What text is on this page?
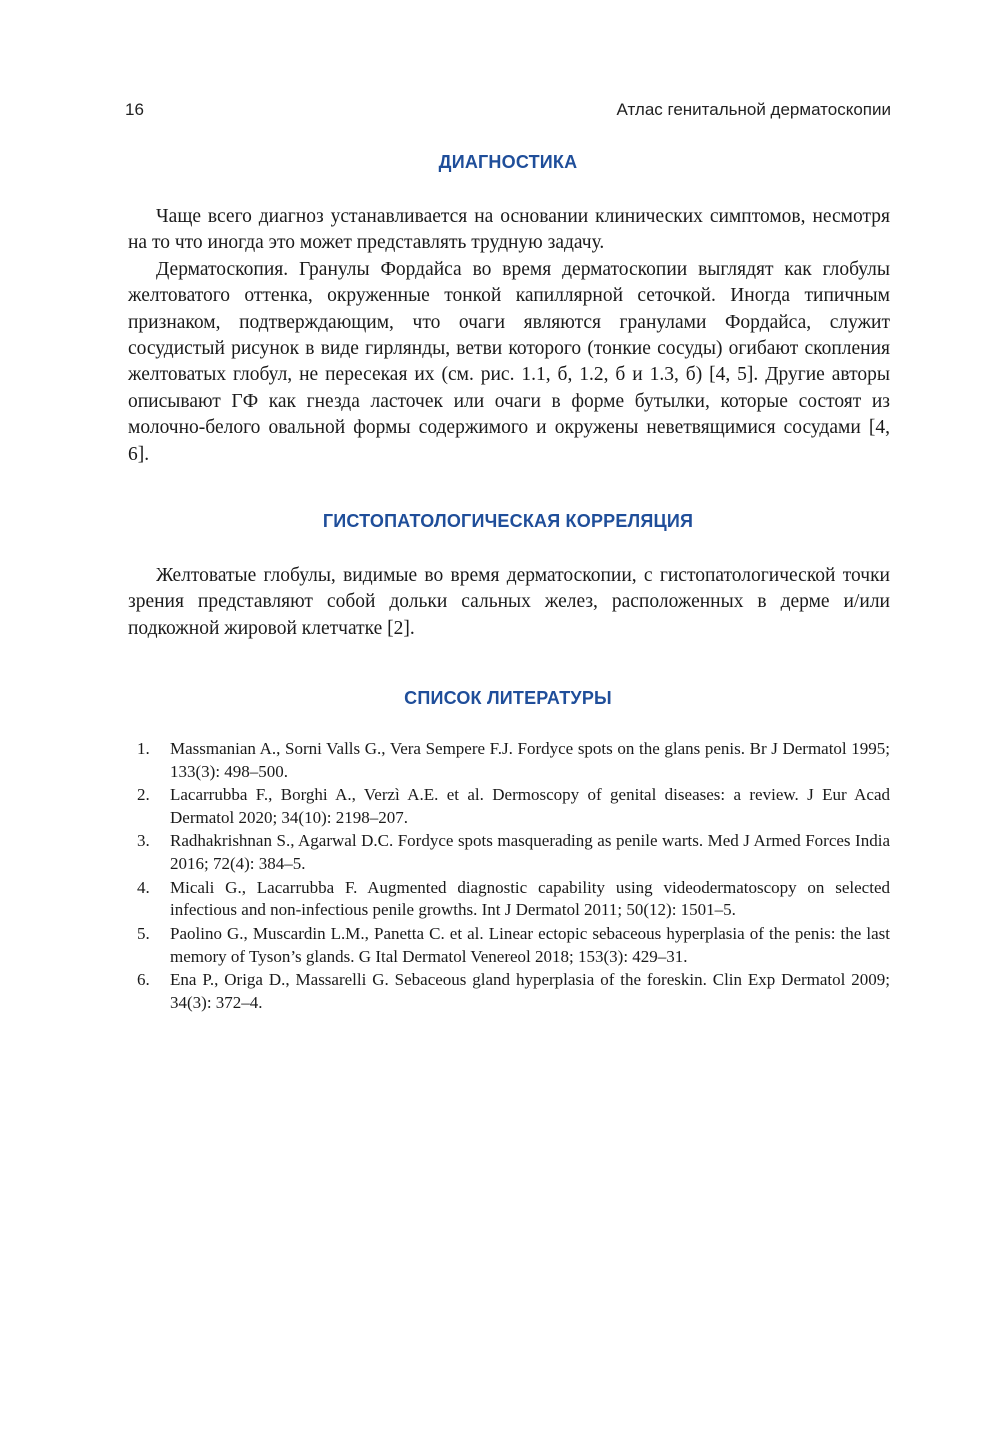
16	Атлас генитальной дерматоскопии
ДИАГНОСТИКА

Чаще всего диагноз устанавливается на основании клинических симптомов, несмотря на то что иногда это может представлять трудную задачу.

Дерматоскопия. Гранулы Фордайса во время дерматоскопии выглядят как глобулы желтоватого оттенка, окруженные тонкой капиллярной сеточкой. Иногда типичным признаком, подтверждающим, что очаги являются гранулами Фордайса, служит сосудистый рисунок в виде гирлянды, ветви которого (тонкие сосуды) огибают скопления желтоватых глобул, не пересекая их (см. рис. 1.1, б, 1.2, б и 1.3, б) [4, 5]. Другие авторы описывают ГФ как гнезда ласточек или очаги в форме бутылки, которые состоят из молочно-белого овальной формы содержимого и окружены неветвящимися сосудами [4, 6].

ГИСТОПАТОЛОГИЧЕСКАЯ КОРРЕЛЯЦИЯ

Желтоватые глобулы, видимые во время дерматоскопии, с гистопатологической точки зрения представляют собой дольки сальных желез, расположенных в дерме и/или подкожной жировой клетчатке [2].

СПИСОК ЛИТЕРАТУРЫ
1. Massmanian A., Sorni Valls G., Vera Sempere F.J. Fordyce spots on the glans penis. Br J Dermatol 1995; 133(3): 498–500.
2. Lacarrubba F., Borghi A., Verzì A.E. et al. Dermoscopy of genital diseases: a review. J Eur Acad Dermatol 2020; 34(10): 2198–207.
3. Radhakrishnan S., Agarwal D.C. Fordyce spots masquerading as penile warts. Med J Armed Forces India 2016; 72(4): 384–5.
4. Micali G., Lacarrubba F. Augmented diagnostic capability using videodermatoscopy on selected infectious and non-infectious penile growths. Int J Dermatol 2011; 50(12): 1501–5.
5. Paolino G., Muscardin L.M., Panetta C. et al. Linear ectopic sebaceous hyperplasia of the penis: the last memory of Tyson’s glands. G Ital Dermatol Venereol 2018; 153(3): 429–31.
6. Ena P., Origa D., Massarelli G. Sebaceous gland hyperplasia of the foreskin. Clin Exp Dermatol 2009; 34(3): 372–4.
